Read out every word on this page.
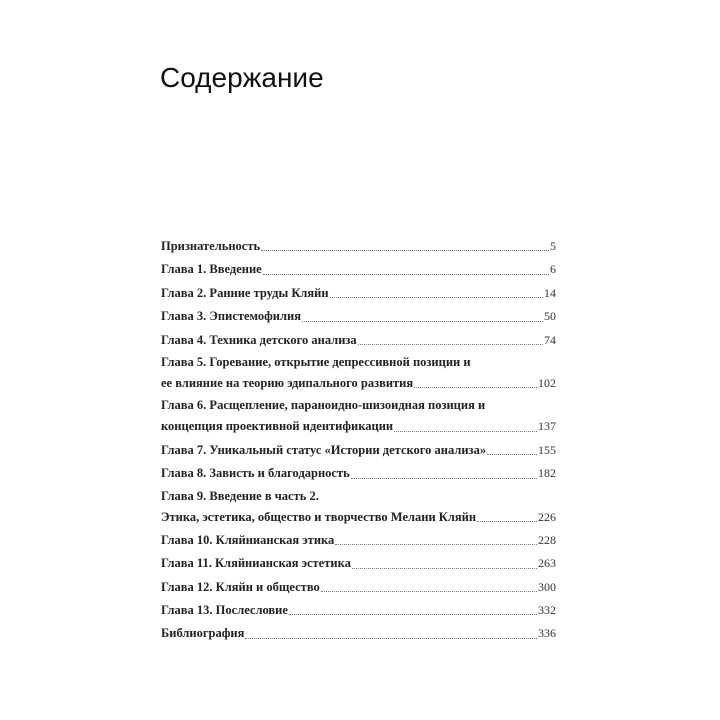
Содержание
Признательность	5
Глава 1. Введение	6
Глава 2. Ранние труды Кляйн	14
Глава 3. Эпистемофилия	50
Глава 4. Техника детского анализа	74
Глава 5. Горевание, открытие депрессивной позиции и
ее влияние на теорию эдипального развития	102
Глава 6. Расщепление, параноидно-шизоидная позиция и
концепция проективной идентификации	137
Глава 7. Уникальный статус «Истории детского анализа»	155
Глава 8. Зависть и благодарность	182
Глава 9. Введение в часть 2.
Этика, эстетика, общество и творчество Мелани Кляйн	226
Глава 10. Кляйнианская этика	228
Глава 11. Кляйнианская эстетика	263
Глава 12. Кляйн и общество	300
Глава 13. Послесловие	332
Библиография	336
